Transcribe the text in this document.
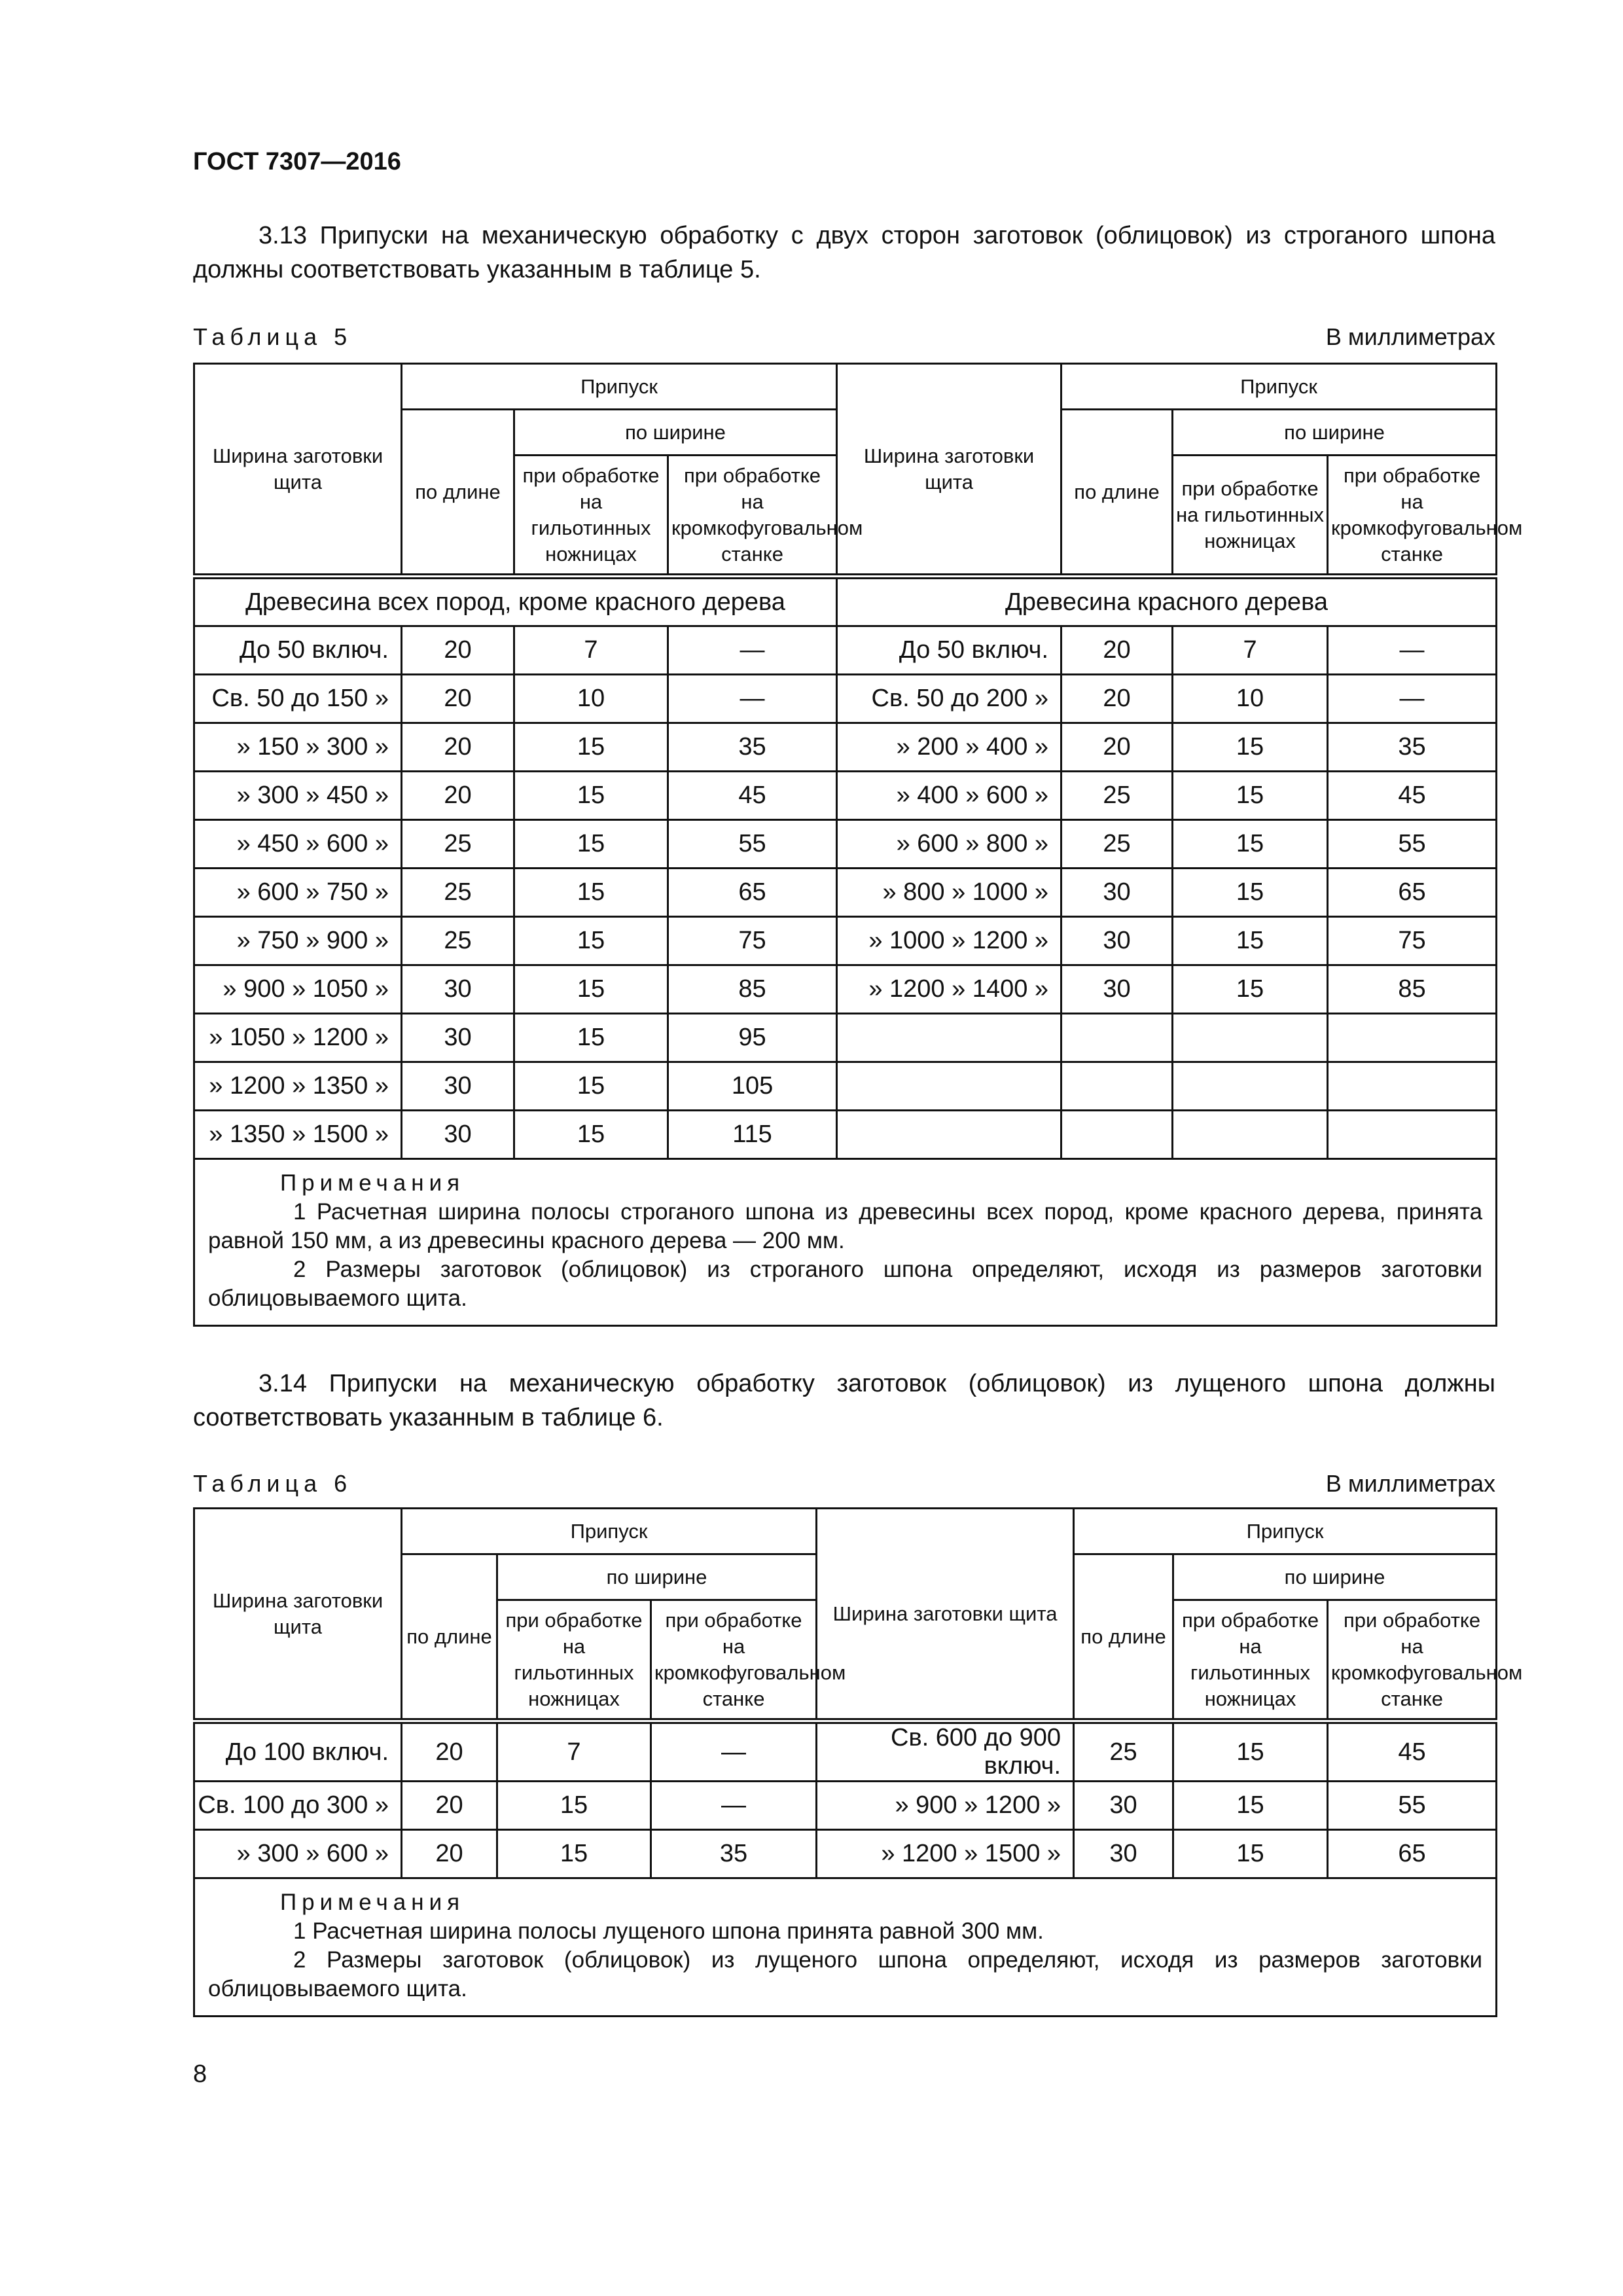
ГОСТ 7307—2016
3.13 Припуски на механическую обработку с двух сторон заготовок (облицовок) из строганого шпона должны соответствовать указанным в таблице 5.
Таблица 5	В миллиметрах
Ширина заготовки щита	Припуск			Ширина заготовки щита	Припуск		
	по длине	по ширине			по длине	по ширине	
		при обработке на гильотинных ножницах	при обработке на кромкофуговальном станке			при обработке на гильотинных ножницах	при обработке на кромкофуговальном станке
Древесина всех пород, кроме красного дерева				Древесина красного дерева			
До 50 включ.	20	7	—	До 50 включ.	20	7	—
Св. 50 до 150 »	20	10	—	Св. 50 до 200 »	20	10	—
» 150 » 300 »	20	15	35	» 200 » 400 »	20	15	35
» 300 » 450 »	20	15	45	» 400 » 600 »	25	15	45
» 450 » 600 »	25	15	55	» 600 » 800 »	25	15	55
» 600 » 750 »	25	15	65	» 800 » 1000 »	30	15	65
» 750 » 900 »	25	15	75	» 1000 » 1200 »	30	15	75
» 900 » 1050 »	30	15	85	» 1200 » 1400 »	30	15	85
» 1050 » 1200 »	30	15	95				
» 1200 » 1350 »	30	15	105				
» 1350 » 1500 »	30	15	115				

Примечания
1 Расчетная ширина полосы строганого шпона из древесины всех пород, кроме красного дерева, принята равной 150 мм, а из древесины красного дерева — 200 мм.
2 Размеры заготовок (облицовок) из строганого шпона определяют, исходя из размеров заготовки облицовываемого щита.							
3.14 Припуски на механическую обработку заготовок (облицовок) из лущеного шпона должны соответствовать указанным в таблице 6.
Таблица 6	В миллиметрах
Ширина заготовки щита	Припуск			Ширина заготовки щита	Припуск		
	по длине	по ширине			по длине	по ширине	
		при обработке на гильотинных ножницах	при обработке на кромкофуговальном станке			при обработке на гильотинных ножницах	при обработке на кромкофуговальном станке
До 100 включ.	20	7	—	Св. 600 до 900 включ.	25	15	45
Св. 100 до 300 »	20	15	—	» 900 » 1200 »	30	15	55
» 300 » 600 »	20	15	35	» 1200 » 1500 »	30	15	65

Примечания
1 Расчетная ширина полосы лущеного шпона принята равной 300 мм.
2 Размеры заготовок (облицовок) из лущеного шпона определяют, исходя из размеров заготовки облицовываемого щита.							
8
